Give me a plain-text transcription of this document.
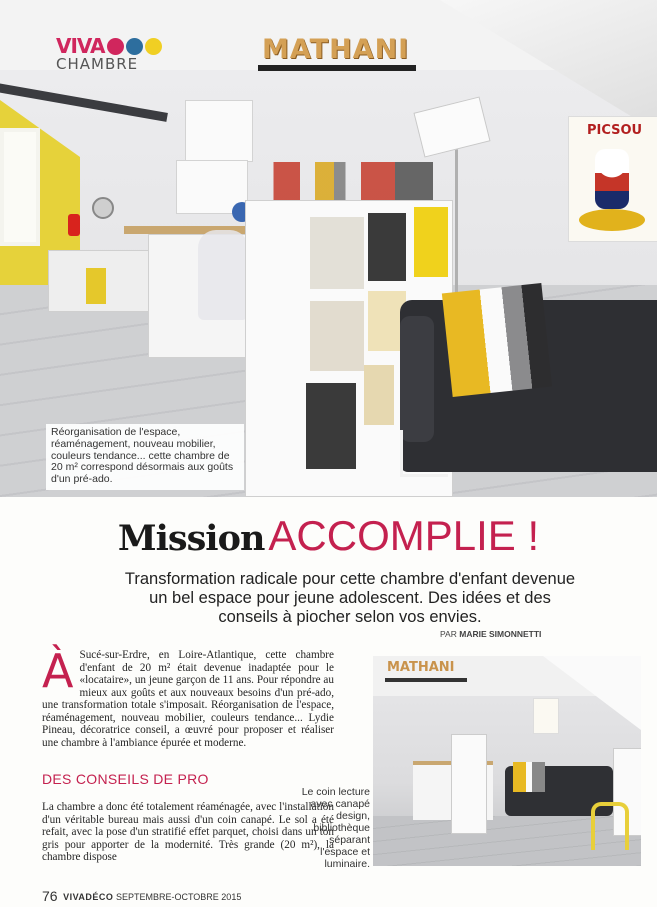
MATHANI
PICSOU
VIVA
CHAMBRE
Réorganisation de l'espace, réaménagement, nouveau mobilier, couleurs tendance... cette chambre de 20 m² correspond désormais aux goûts d'un pré-ado.
Mission ACCOMPLIE !
Transformation radicale pour cette chambre d'enfant devenue un bel espace pour jeune adolescent. Des idées et des conseils à piocher selon vos envies.
PAR MARIE SIMONNETTI
À Sucé-sur-Erdre, en Loire-Atlantique, cette chambre d'enfant de 20 m² était devenue inadaptée pour le «locataire», un jeune garçon de 11 ans. Pour répondre au mieux aux goûts et aux nouveaux besoins d'un pré-ado, une transformation totale s'imposait. Réorganisation de l'espace, réaménagement, nouveau mobilier, couleurs tendance... Lydie Pineau, décoratrice conseil, a œuvré pour proposer et réaliser une chambre à l'ambiance épurée et moderne.
DES CONSEILS DE PRO
La chambre a donc été totalement réaménagée, avec l'installation d'un véritable bureau mais aussi d'un coin canapé. Le sol a été refait, avec la pose d'un stratifié effet parquet, choisi dans un ton gris pour apporter de la modernité. Très grande (20 m²), la chambre dispose
MATHANI
Le coin lecture avec canapé design, bibliothèque séparant l'espace et luminaire.
76 VIVADÉCO SEPTEMBRE-OCTOBRE 2015
